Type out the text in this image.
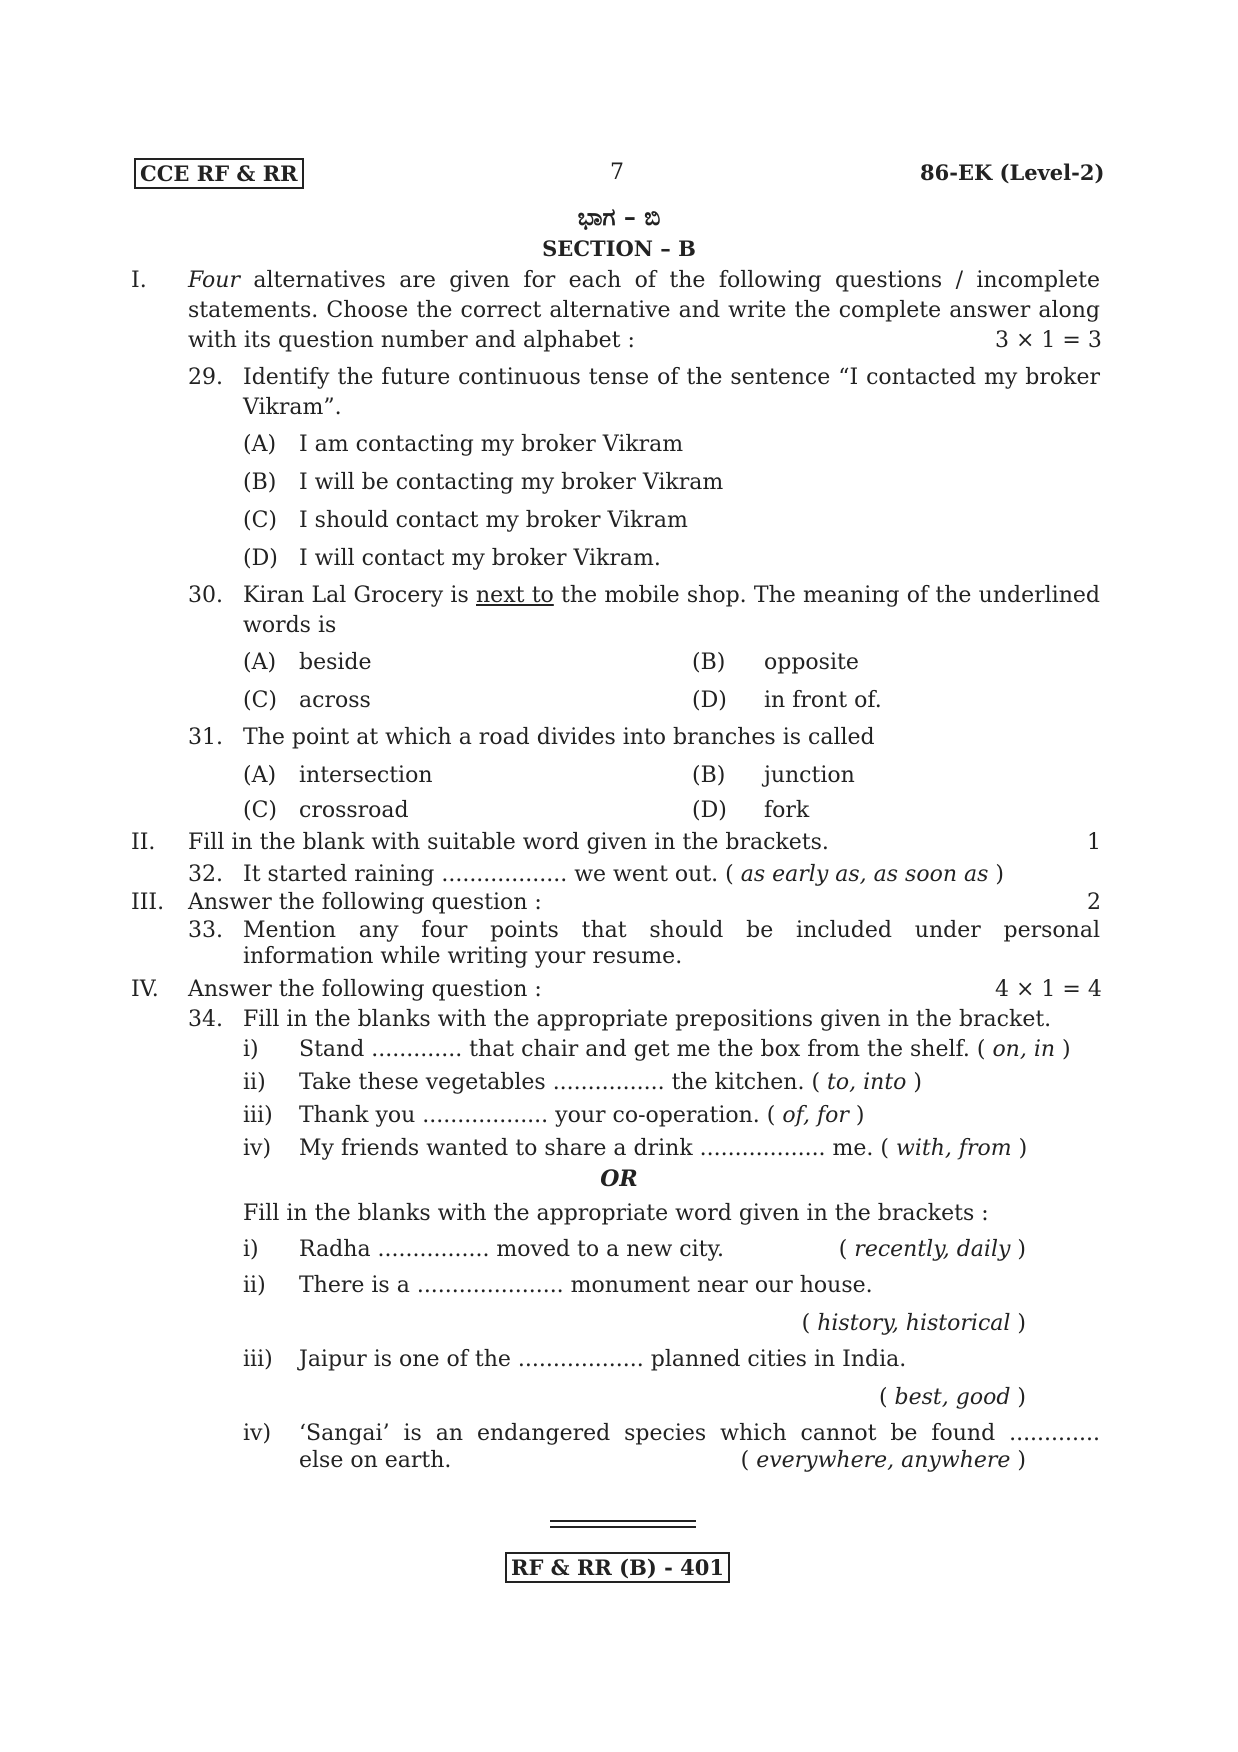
CCE RF & RR	7	86-EK (Level-2)
ಭಾಗ – ಬಿ
SECTION – B
I. Four alternatives are given for each of the following questions / incomplete
statements. Choose the correct alternative and write the complete answer along
with its question number and alphabet :	3 × 1 = 3
29. Identify the future continuous tense of the sentence “I contacted my broker
Vikram”.
(A) I am contacting my broker Vikram
(B) I will be contacting my broker Vikram
(C) I should contact my broker Vikram
(D) I will contact my broker Vikram.
30. Kiran Lal Grocery is next to the mobile shop. The meaning of the underlined
words is
(A) beside	(B) opposite
(C) across	(D) in front of.
31. The point at which a road divides into branches is called
(A) intersection	(B) junction
(C) crossroad	(D) fork
II. Fill in the blank with suitable word given in the brackets.	1
32. It started raining .................. we went out. ( as early as, as soon as )
III. Answer the following question :	2
33. Mention any four points that should be included under personal
information while writing your resume.
IV. Answer the following question :	4 × 1 = 4
34. Fill in the blanks with the appropriate prepositions given in the bracket.
i) Stand ............. that chair and get me the box from the shelf. ( on, in )
ii) Take these vegetables ................ the kitchen. ( to, into )
iii) Thank you .................. your co-operation. ( of, for )
iv) My friends wanted to share a drink .................. me. ( with, from )
OR
Fill in the blanks with the appropriate word given in the brackets :
i) Radha ................ moved to a new city.	( recently, daily )
ii) There is a ..................... monument near our house.
( history, historical )
iii) Jaipur is one of the .................. planned cities in India.
( best, good )
iv) ‘Sangai’ is an endangered species which cannot be found .............
else on earth.	( everywhere, anywhere )
RF & RR (B) - 401
